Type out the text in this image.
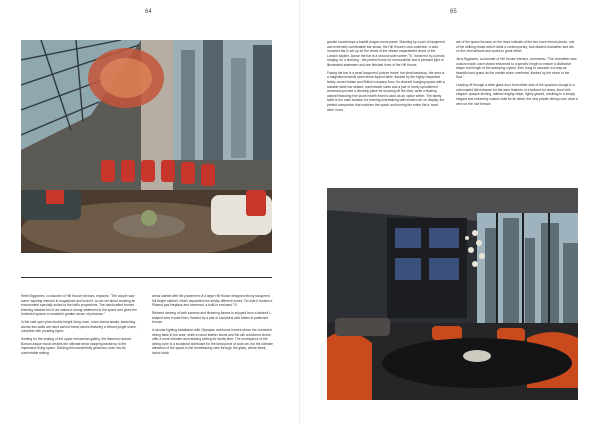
64

Helen Bygraves, co-founder of Hill House Interiors, explains: "The couple saw some inspiring interiors in magazines and loved it, so we set about creating an environment specially suited to the hall's proportions. The handcrafted bronze shelving stacked full of art makes a strong statement in the space and gives the furnished spaces a wonderful greater sense of presence."

In the vast open plan double height living room, more drama awaits, stretching across two walls are hand carved metal panels featuring a vibrant jungle scene, complete with prowling tigers.

Seating for the seating of the upper mezzanine gallery, the flamenco dancer Bordon-esque mural creates the ultimate show stopping backdrop to the impressive living space. Dividing this wonderfully generous room into its comfortable setting

areas started with the placement of a large Hill House designed ebony lacquered full height cabinet, which separated two strictly different zones. On side it houses a Plasma gas fireplace and overhead, a built-in enclosed TV.

Relaxed viewing of both screens and flickering flames is enjoyed from a tailored L-shaped sofa in pale linen, flanked by a pair of sculptural side tables in patterned bronze.

A circular lighting installation with Olympian overtones hovers above the oversized dining table in the area, while a round leather stools and the silk cushioned chairs offer a more intimate and relaxing setting for family time. The centrepiece of the dining zone is a sculptural sideboard for the ideal piece of work art, but the ultimate attraction of the space is the breathtaking view through the glass, where sleek, iconic black

65

granite countertops a backlit dragon stone panel. Standing by a pair of lacquered and extremely comfortable bar stools, the Hill House's own collection, a wall-mounted bar is set up for the views of the vibrant unparalleled views of the London skyline. Above the bar is a second wide screen TV, 'bordered' by a photo ranging 'on a shelving - the perfect home for memorabilia' and a pendant light of illuminated statement and one finished hues of the Hill House.

Facing the bar is a pearl lacquered 'picture frame' the ideal backdrop, the area is a magnificent family sized stone topped table, flanked by the highly respected family-owned Italian and British company Arco. Its discreet lounging space with a suitable table low seated, comfortable sofas and a pair of lovely upholstered armchairs provide a leisurely place for showing off the view, while a floating cabinet featuring fine stone hearth inset is used as an option within. The family table is the main location for evening entertaining with modern art on display, the perfect companion that matches the space and turning the entire flat a 'most alive' room.

are of the space focuses on the more intimate of the two more formal pieces, one of the striking chairs which holds a contemporary, four-bladed chandelier and sits on the vivid artwork and works to great effect.

Jerry Bygraves, co-founder of Hill House Interiors, comments: "The chandelier was custom made, each strand enhanced to a specific length to ensure a distinctive shape and length of the sweeping crystal, then hung to cascade in a way as beautiful and grand as the marble stone overhead, flanked by the stone to the floor."

Leading off through a wide glass door from either side of the spacious lounge is a colonnaded flat entrance for the wine features of a tailored for views, lined with elegant, opaque etching, latticed edging stripe, lightly glazed, resulting in a simply elegant and extremely custom built for its detail, the new private dining room clear a view on the roof terrace.
